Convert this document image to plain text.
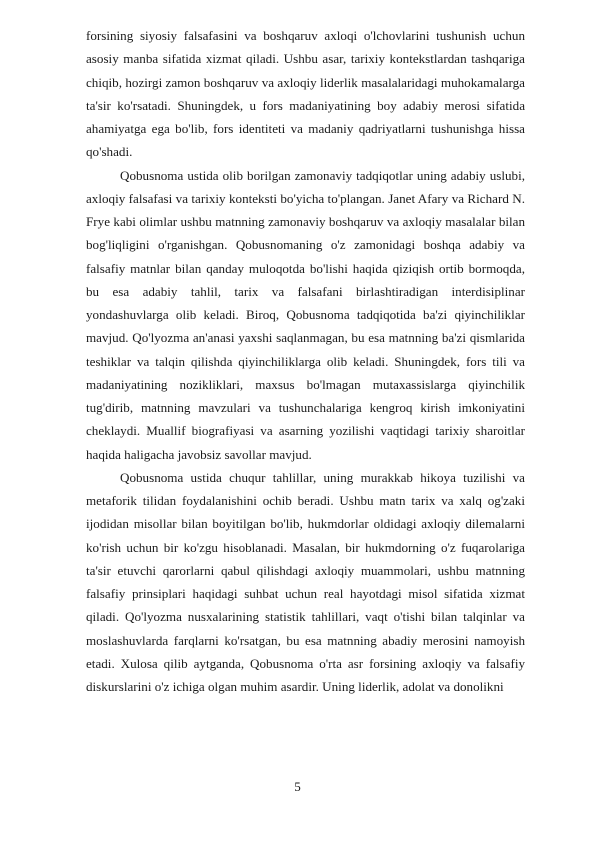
forsining siyosiy falsafasini va boshqaruv axloqi o'lchovlarini tushunish uchun asosiy manba sifatida xizmat qiladi. Ushbu asar, tarixiy kontekstlardan tashqariga chiqib, hozirgi zamon boshqaruv va axloqiy liderlik masalalaridagi muhokamalarga ta'sir ko'rsatadi. Shuningdek, u fors madaniyatining boy adabiy merosi sifatida ahamiyatga ega bo'lib, fors identiteti va madaniy qadriyatlarni tushunishga hissa qo'shadi.

Qobusnoma ustida olib borilgan zamonaviy tadqiqotlar uning adabiy uslubi, axloqiy falsafasi va tarixiy konteksti bo'yicha to'plangan. Janet Afary va Richard N. Frye kabi olimlar ushbu matnning zamonaviy boshqaruv va axloqiy masalalar bilan bog'liqligini o'rganishgan. Qobusnomaning o'z zamonidagi boshqa adabiy va falsafiy matnlar bilan qanday muloqotda bo'lishi haqida qiziqish ortib bormoqda, bu esa adabiy tahlil, tarix va falsafani birlashtiradigan interdisiplinar yondashuvlarga olib keladi. Biroq, Qobusnoma tadqiqotida ba'zi qiyinchiliklar mavjud. Qo'lyozma an'anasi yaxshi saqlanmagan, bu esa matnning ba'zi qismlarida teshiklar va talqin qilishda qiyinchiliklarga olib keladi. Shuningdek, fors tili va madaniyatining nozikliklari, maxsus bo'lmagan mutaxassislarga qiyinchilik tug'dirib, matnning mavzulari va tushunchalariga kengroq kirish imkoniyatini cheklaydi. Muallif biografiyasi va asarning yozilishi vaqtidagi tarixiy sharoitlar haqida haligacha javobsiz savollar mavjud.

Qobusnoma ustida chuqur tahlillar, uning murakkab hikoya tuzilishi va metaforik tilidan foydalanishini ochib beradi. Ushbu matn tarix va xalq og'zaki ijodidan misollar bilan boyitilgan bo'lib, hukmdorlar oldidagi axloqiy dilemalarni ko'rish uchun bir ko'zgu hisoblanadi. Masalan, bir hukmdorning o'z fuqarolariga ta'sir etuvchi qarorlarni qabul qilishdagi axloqiy muammolari, ushbu matnning falsafiy prinsiplari haqidagi suhbat uchun real hayotdagi misol sifatida xizmat qiladi. Qo'lyozma nusxalarining statistik tahlillari, vaqt o'tishi bilan talqinlar va moslashuvlarda farqlarni ko'rsatgan, bu esa matnning abadiy merosini namoyish etadi. Xulosa qilib aytganda, Qobusnoma o'rta asr forsining axloqiy va falsafiy diskurslarini o'z ichiga olgan muhim asardir. Uning liderlik, adolat va donolikni

5
